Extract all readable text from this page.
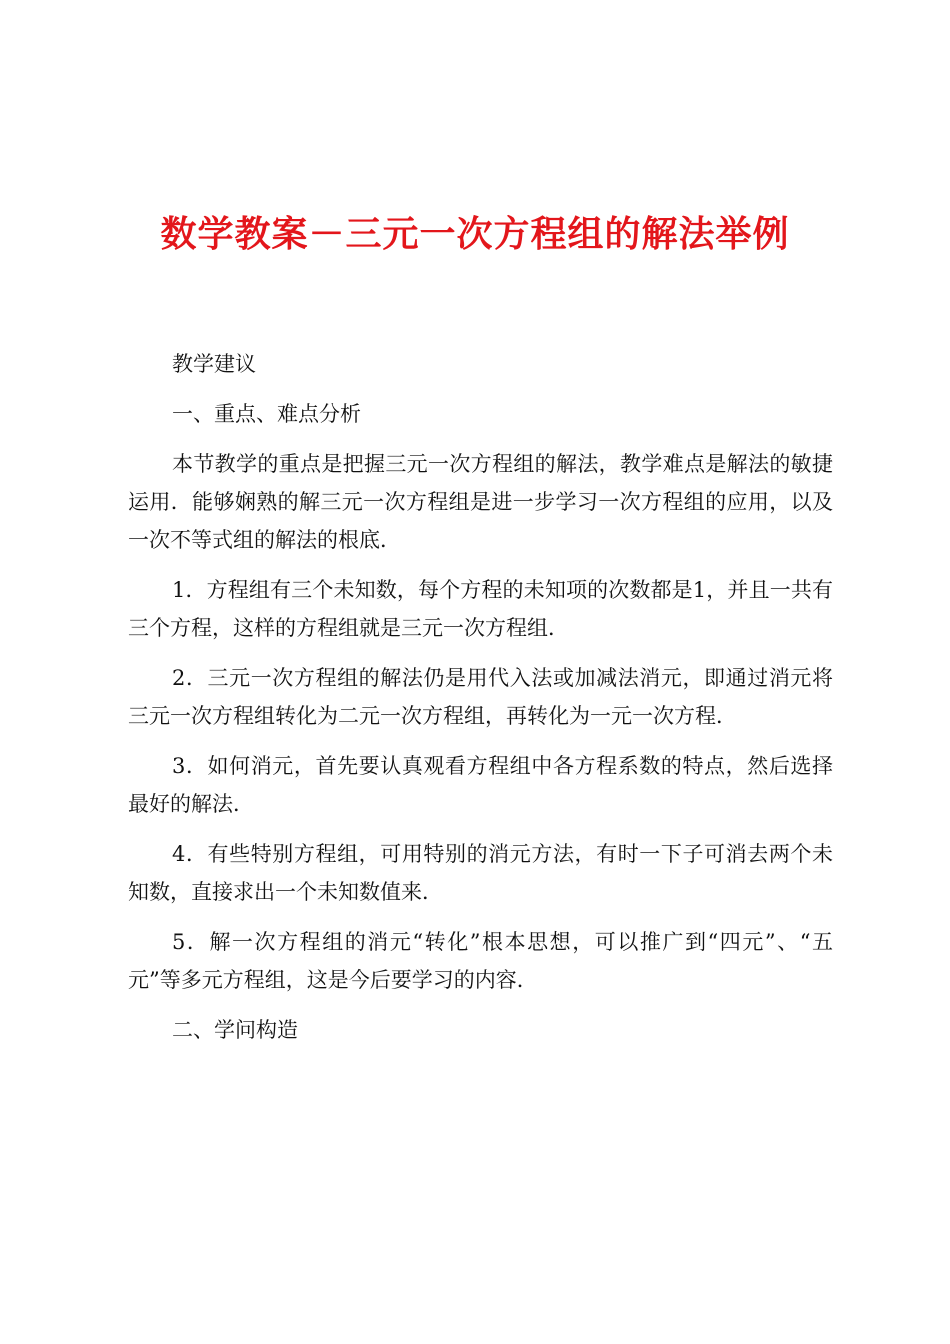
数学教案－三元一次方程组的解法举例

教学建议

一、重点、难点分析

本节教学的重点是把握三元一次方程组的解法，教学难点是解法的敏捷运用．能够娴熟的解三元一次方程组是进一步学习一次方程组的应用，以及一次不等式组的解法的根底．

1．方程组有三个未知数，每个方程的未知项的次数都是1，并且一共有三个方程，这样的方程组就是三元一次方程组．

2．三元一次方程组的解法仍是用代入法或加减法消元，即通过消元将三元一次方程组转化为二元一次方程组，再转化为一元一次方程．

3．如何消元，首先要认真观看方程组中各方程系数的特点，然后选择最好的解法．

4．有些特别方程组，可用特别的消元方法，有时一下子可消去两个未知数，直接求出一个未知数值来．

5．解一次方程组的消元“转化”根本思想，可以推广到“四元”、“五元”等多元方程组，这是今后要学习的内容．

二、学问构造
